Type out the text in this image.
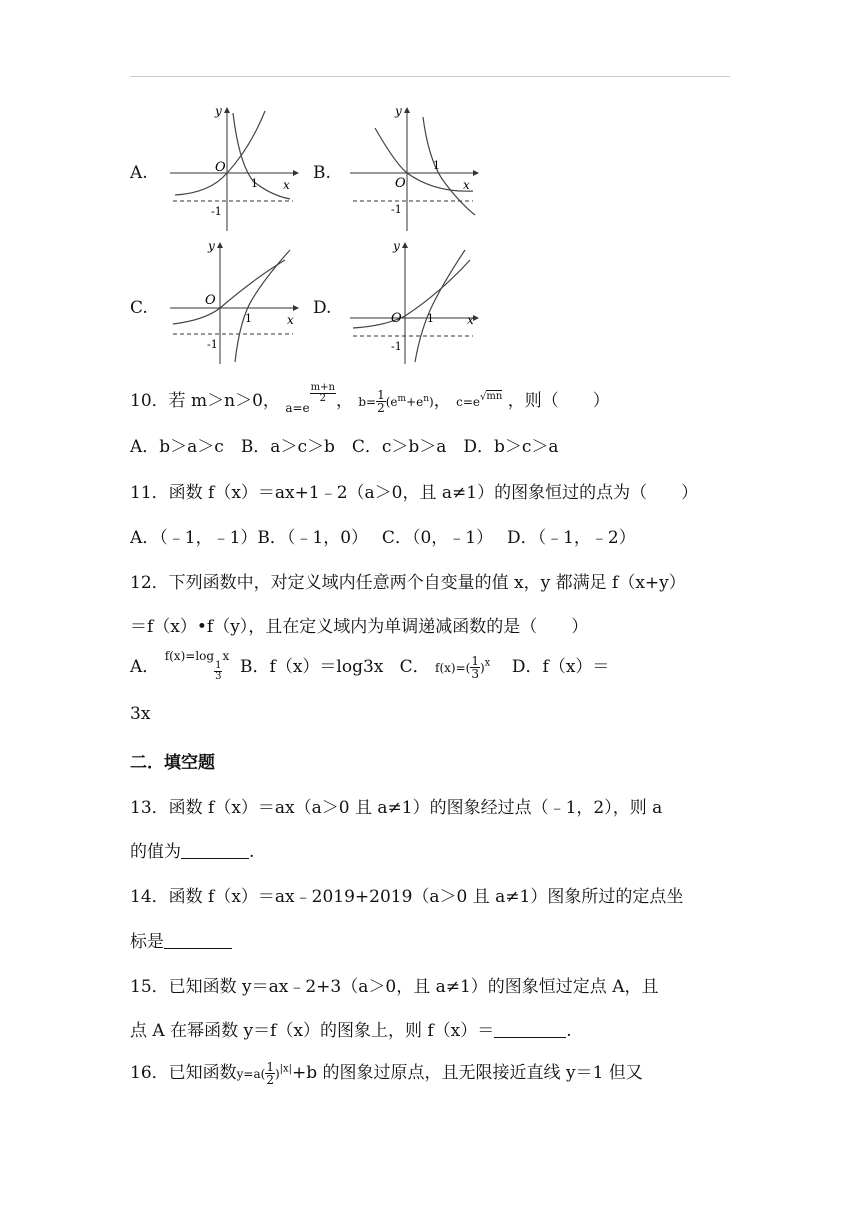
A.	O
1 x
y
-1
B.
O
1
x
y
-1
C.	O
1	x
y
-1
D.
O 1	x
y
-1
10．若 m＞n＞0， $_{a=e}$
$\frac{m+n}{2}$ ， $b= \frac{1}{2} (e^m+e^n)$， $c=e^{√mn}$ ，则（　　）
A．b＞a＞c　B．a＞c＞b　C．c＞b＞a　D．b＞c＞a
11．函数 f（x）＝ax+1﹣2（a＞0，且 a≠1）的图象恒过的点为（　　）
A．（﹣1，﹣1）B．（﹣1，0）　 C．（0，﹣1）　 D．（﹣1，﹣2）
12．下列函数中，对定义域内任意两个自变量的值 x，y 都满足 f（x+y）
＝f（x）•f（y），且在定义域内为单调递减函数的是（　　）
A． $^{f(x)=log}$
$\frac{1}{3}$
$^x$  B．f（x）＝log3x C． $f(x)=( \frac{1}{3} )^x$ D．f（x）＝
3x
二．填空题
13．函数 f（x）＝ax（a＞0 且 a≠1）的图象经过点（﹣1，2），则 a
的值为	.
14．函数 f（x）＝ax﹣2019+2019（a＞0 且 a≠1）图象所过的定点坐
标是
15．已知函数 y＝ax﹣2+3（a＞0，且 a≠1）的图象恒过定点 A，且
点 A 在幂函数 y＝f（x）的图象上，则 f（x）＝	.
16．已知函数$y=a( \frac{1}{2} )^{|x|}+b$ 的图象过原点，且无限接近直线 y＝1 但又
